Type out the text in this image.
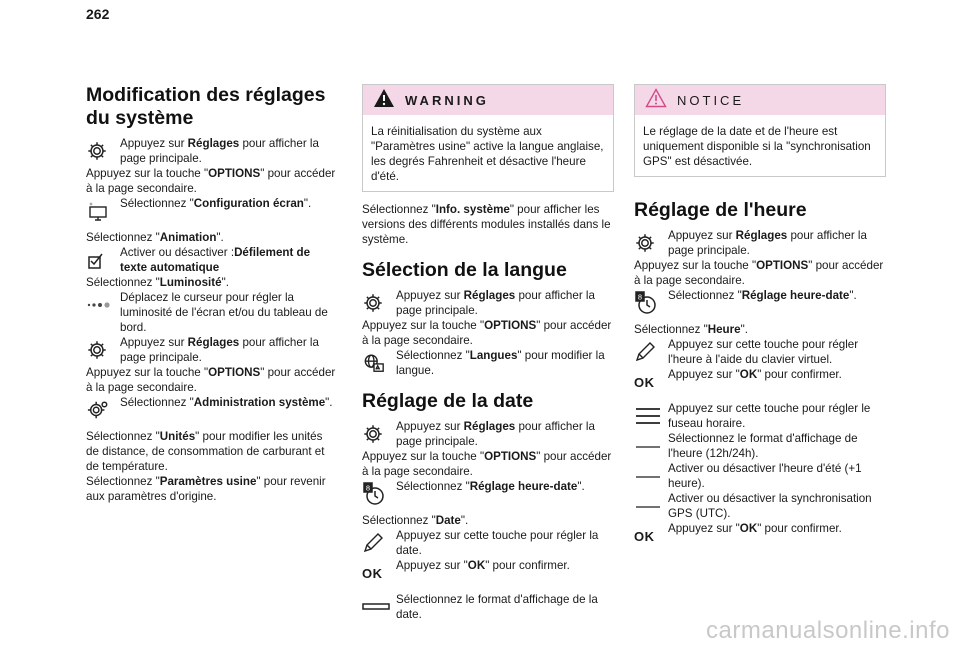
262
Modification des réglages du système

Appuyez sur Réglages pour afficher la page principale.

Appuyez sur la touche "OPTIONS" pour accéder à la page secondaire.

Sélectionnez "Configuration écran".

Sélectionnez "Animation".

Activer ou désactiver :Défilement de texte automatique

Sélectionnez "Luminosité".

Déplacez le curseur pour régler la luminosité de l'écran et/ou du tableau de bord.

Appuyez sur Réglages pour afficher la page principale.

Appuyez sur la touche "OPTIONS" pour accéder à la page secondaire.

Sélectionnez "Administration système".

Sélectionnez "Unités" pour modifier les unités de distance, de consommation de carburant et de température.

Sélectionnez "Paramètres usine" pour revenir aux paramètres d'origine.

WARNING
La réinitialisation du système aux "Paramètres usine" active la langue anglaise, les degrés Fahrenheit et désactive l'heure d'été.

Sélectionnez "Info. système" pour afficher les versions des différents modules installés dans le système.

Sélection de la langue

Appuyez sur Réglages pour afficher la page principale.

Appuyez sur la touche "OPTIONS" pour accéder à la page secondaire.

Sélectionnez "Langues" pour modifier la langue.

Réglage de la date

Appuyez sur Réglages pour afficher la page principale.

Appuyez sur la touche "OPTIONS" pour accéder à la page secondaire.

8 Sélectionnez "Réglage heure-date".

Sélectionnez "Date".

Appuyez sur cette touche pour régler la date.

OK	Appuyez sur "OK" pour confirmer.

Sélectionnez le format d'affichage de la date.

NOTICE
Le réglage de la date et de l'heure est uniquement disponible si la "synchronisation GPS" est désactivée.
Réglage de l'heure

Appuyez sur Réglages pour afficher la page principale.

Appuyez sur la touche "OPTIONS" pour accéder à la page secondaire.

8 Sélectionnez "Réglage heure-date".

Sélectionnez "Heure".

Appuyez sur cette touche pour régler l'heure à l'aide du clavier virtuel.

OK	Appuyez sur "OK" pour confirmer.

Appuyez sur cette touche pour régler le fuseau horaire.

Sélectionnez le format d'affichage de l'heure (12h/24h).

Activer ou désactiver l'heure d'été (+1 heure).

Activer ou désactiver la synchronisation GPS (UTC).

OK	Appuyez sur "OK" pour confirmer.

carmanualsonline.info
